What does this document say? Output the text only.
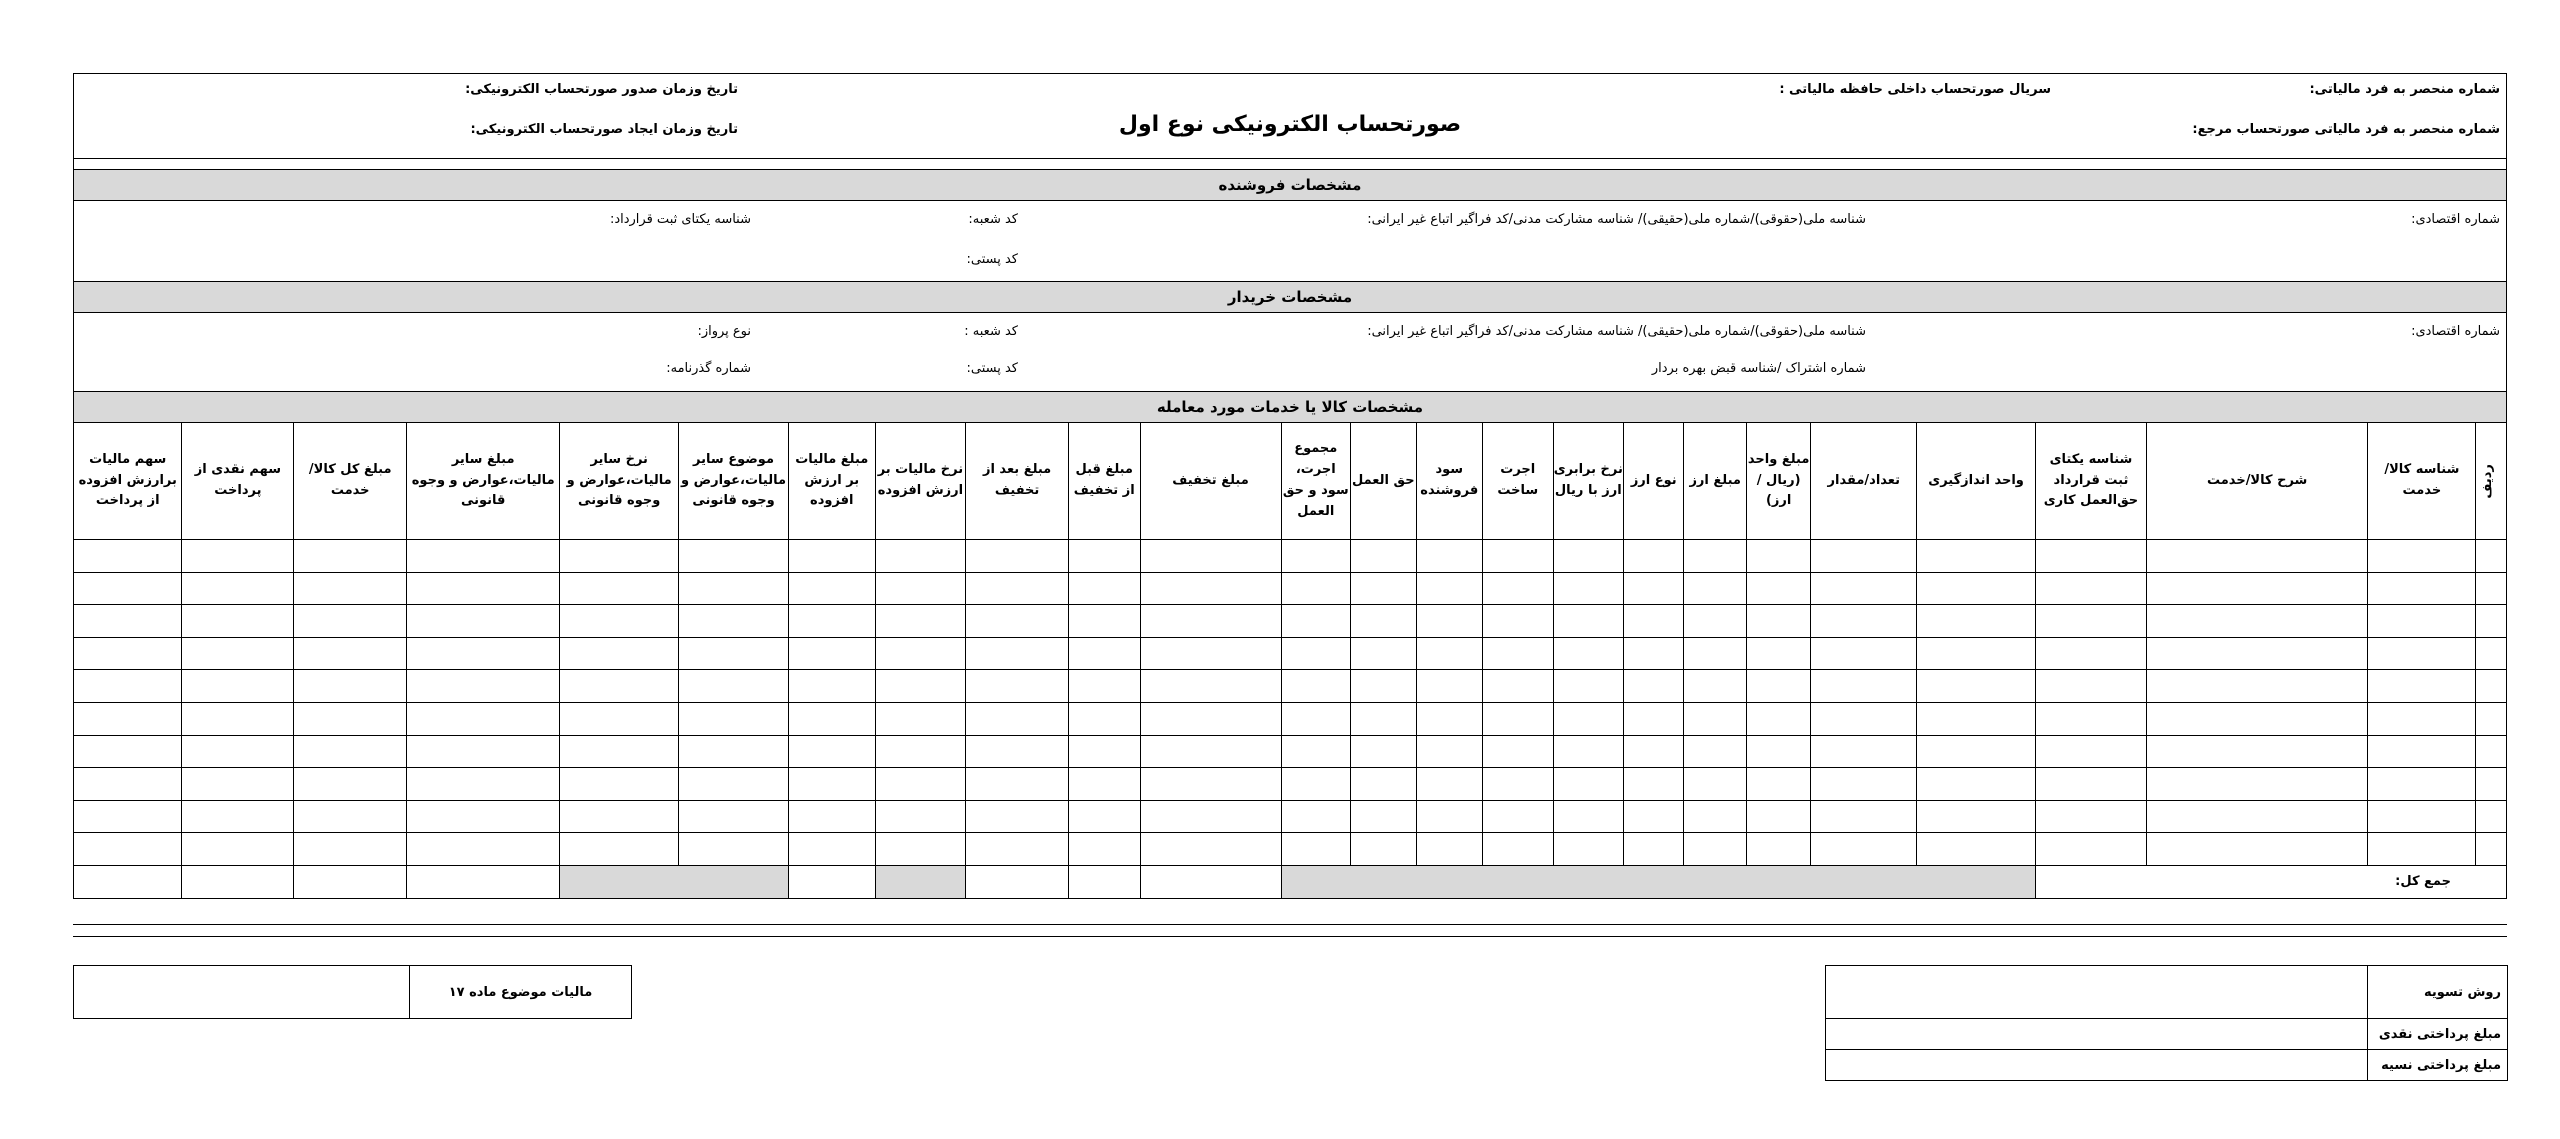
شماره منحصر به فرد مالیاتی:
شماره منحصر به فرد مالیاتی صورتحساب مرجع:
سریال صورتحساب داخلی حافظه مالیاتی :
تاریخ وزمان صدور صورتحساب الکترونیکی:
تاریخ وزمان ایجاد صورتحساب الکترونیکی:	صورتحساب الکترونیکی نوع اول
مشخصات فروشنده
شماره اقتصادی:
شناسه ملی(حقوقی)/شماره ملی(حقیقی)/ شناسه مشارکت مدنی/کد فراگیر اتباع غیر ایرانی:
کد شعبه:
شناسه یکتای ثبت قرارداد:
کد پستی:
مشخصات خریدار
شماره اقتصادی:
شناسه ملی(حقوقی)/شماره ملی(حقیقی)/ شناسه مشارکت مدنی/کد فراگیر اتباع غیر ایرانی:
کد شعبه :
نوع پرواز:
شماره اشتراک /شناسه قبض بهره بردار
کد پستی:
شماره گذرنامه:
مشخصات کالا یا خدمات مورد معامله
ردیف	شناسه کالا/خدمت	شرح کالا/خدمت	شناسه یکتای ثبت قرارداد حق‌العمل کاری	واحد اندازگیری	تعداد/مقدار	مبلغ واحد (ریال / ارز)	مبلغ ارز	نوع ارز	نرخ برابری ارز با ریال	اجرت ساخت	سود فروشنده	حق العمل	مجموع اجرت، سود و حق العمل	مبلغ تخفیف	مبلغ قبل از تخفیف	مبلغ بعد از تخفیف	نرخ مالیات بر ارزش افزوده	مبلغ مالیات بر ارزش افزوده	موضوع سایر مالیات،عوارض و وجوه قانونی	نرخ سایر مالیات،عوارض و وجوه قانونی	مبلغ سایر مالیات،عوارض و وجوه قانونی	مبلغ کل کالا/ خدمت	سهم نقدی از پرداخت	سهم مالیات برارزش افزوده از پرداخت

جمع کل:																								
مالیات موضوع ماده ۱۷		روش تسویه	
مبلغ پرداختی نقدی	
مبلغ پرداختی نسیه	
